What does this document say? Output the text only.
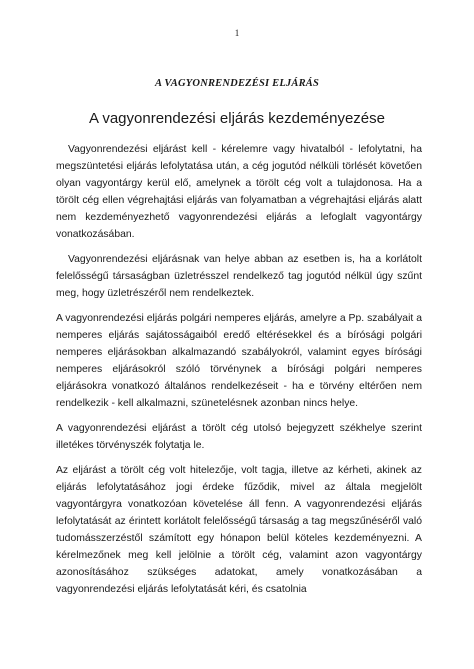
1
A VAGYONRENDEZÉSI ELJÁRÁS
A vagyonrendezési eljárás kezdeményezése

Vagyonrendezési eljárást kell - kérelemre vagy hivatalból - lefolytatni, ha megszüntetési eljárás lefolytatása után, a cég jogutód nélküli törlését követően olyan vagyontárgy kerül elő, amelynek a törölt cég volt a tulajdonosa. Ha a törölt cég ellen végrehajtási eljárás van folyamatban a végrehajtási eljárás alatt nem kezdeményezhető vagyonrendezési eljárás a lefoglalt vagyontárgy vonatkozásában.

Vagyonrendezési eljárásnak van helye abban az esetben is, ha a korlátolt felelősségű társaságban üzletrésszel rendelkező tag jogutód nélkül úgy szűnt meg, hogy üzletrészéről nem rendelkeztek.

A vagyonrendezési eljárás polgári nemperes eljárás, amelyre a Pp. szabályait a nemperes eljárás sajátosságaiból eredő eltérésekkel és a bírósági polgári nemperes eljárásokban alkalmazandó szabályokról, valamint egyes bírósági nemperes eljárásokról szóló törvénynek a bírósági polgári nemperes eljárásokra vonatkozó általános rendelkezéseit - ha e törvény eltérően nem rendelkezik - kell alkalmazni, szünetelésnek azonban nincs helye.

A vagyonrendezési eljárást a törölt cég utolsó bejegyzett székhelye szerint illetékes törvényszék folytatja le.

Az eljárást a törölt cég volt hitelezője, volt tagja, illetve az kérheti, akinek az eljárás lefolytatásához jogi érdeke fűződik, mivel az általa megjelölt vagyontárgyra vonatkozóan követelése áll fenn. A vagyonrendezési eljárás lefolytatását az érintett korlátolt felelősségű társaság a tag megszűnéséről való tudomásszerzéstől számított egy hónapon belül köteles kezdeményezni. A kérelmezőnek meg kell jelölnie a törölt cég, valamint azon vagyontárgy azonosításához szükséges adatokat, amely vonatkozásában a vagyonrendezési eljárás lefolytatását kéri, és csatolnia
